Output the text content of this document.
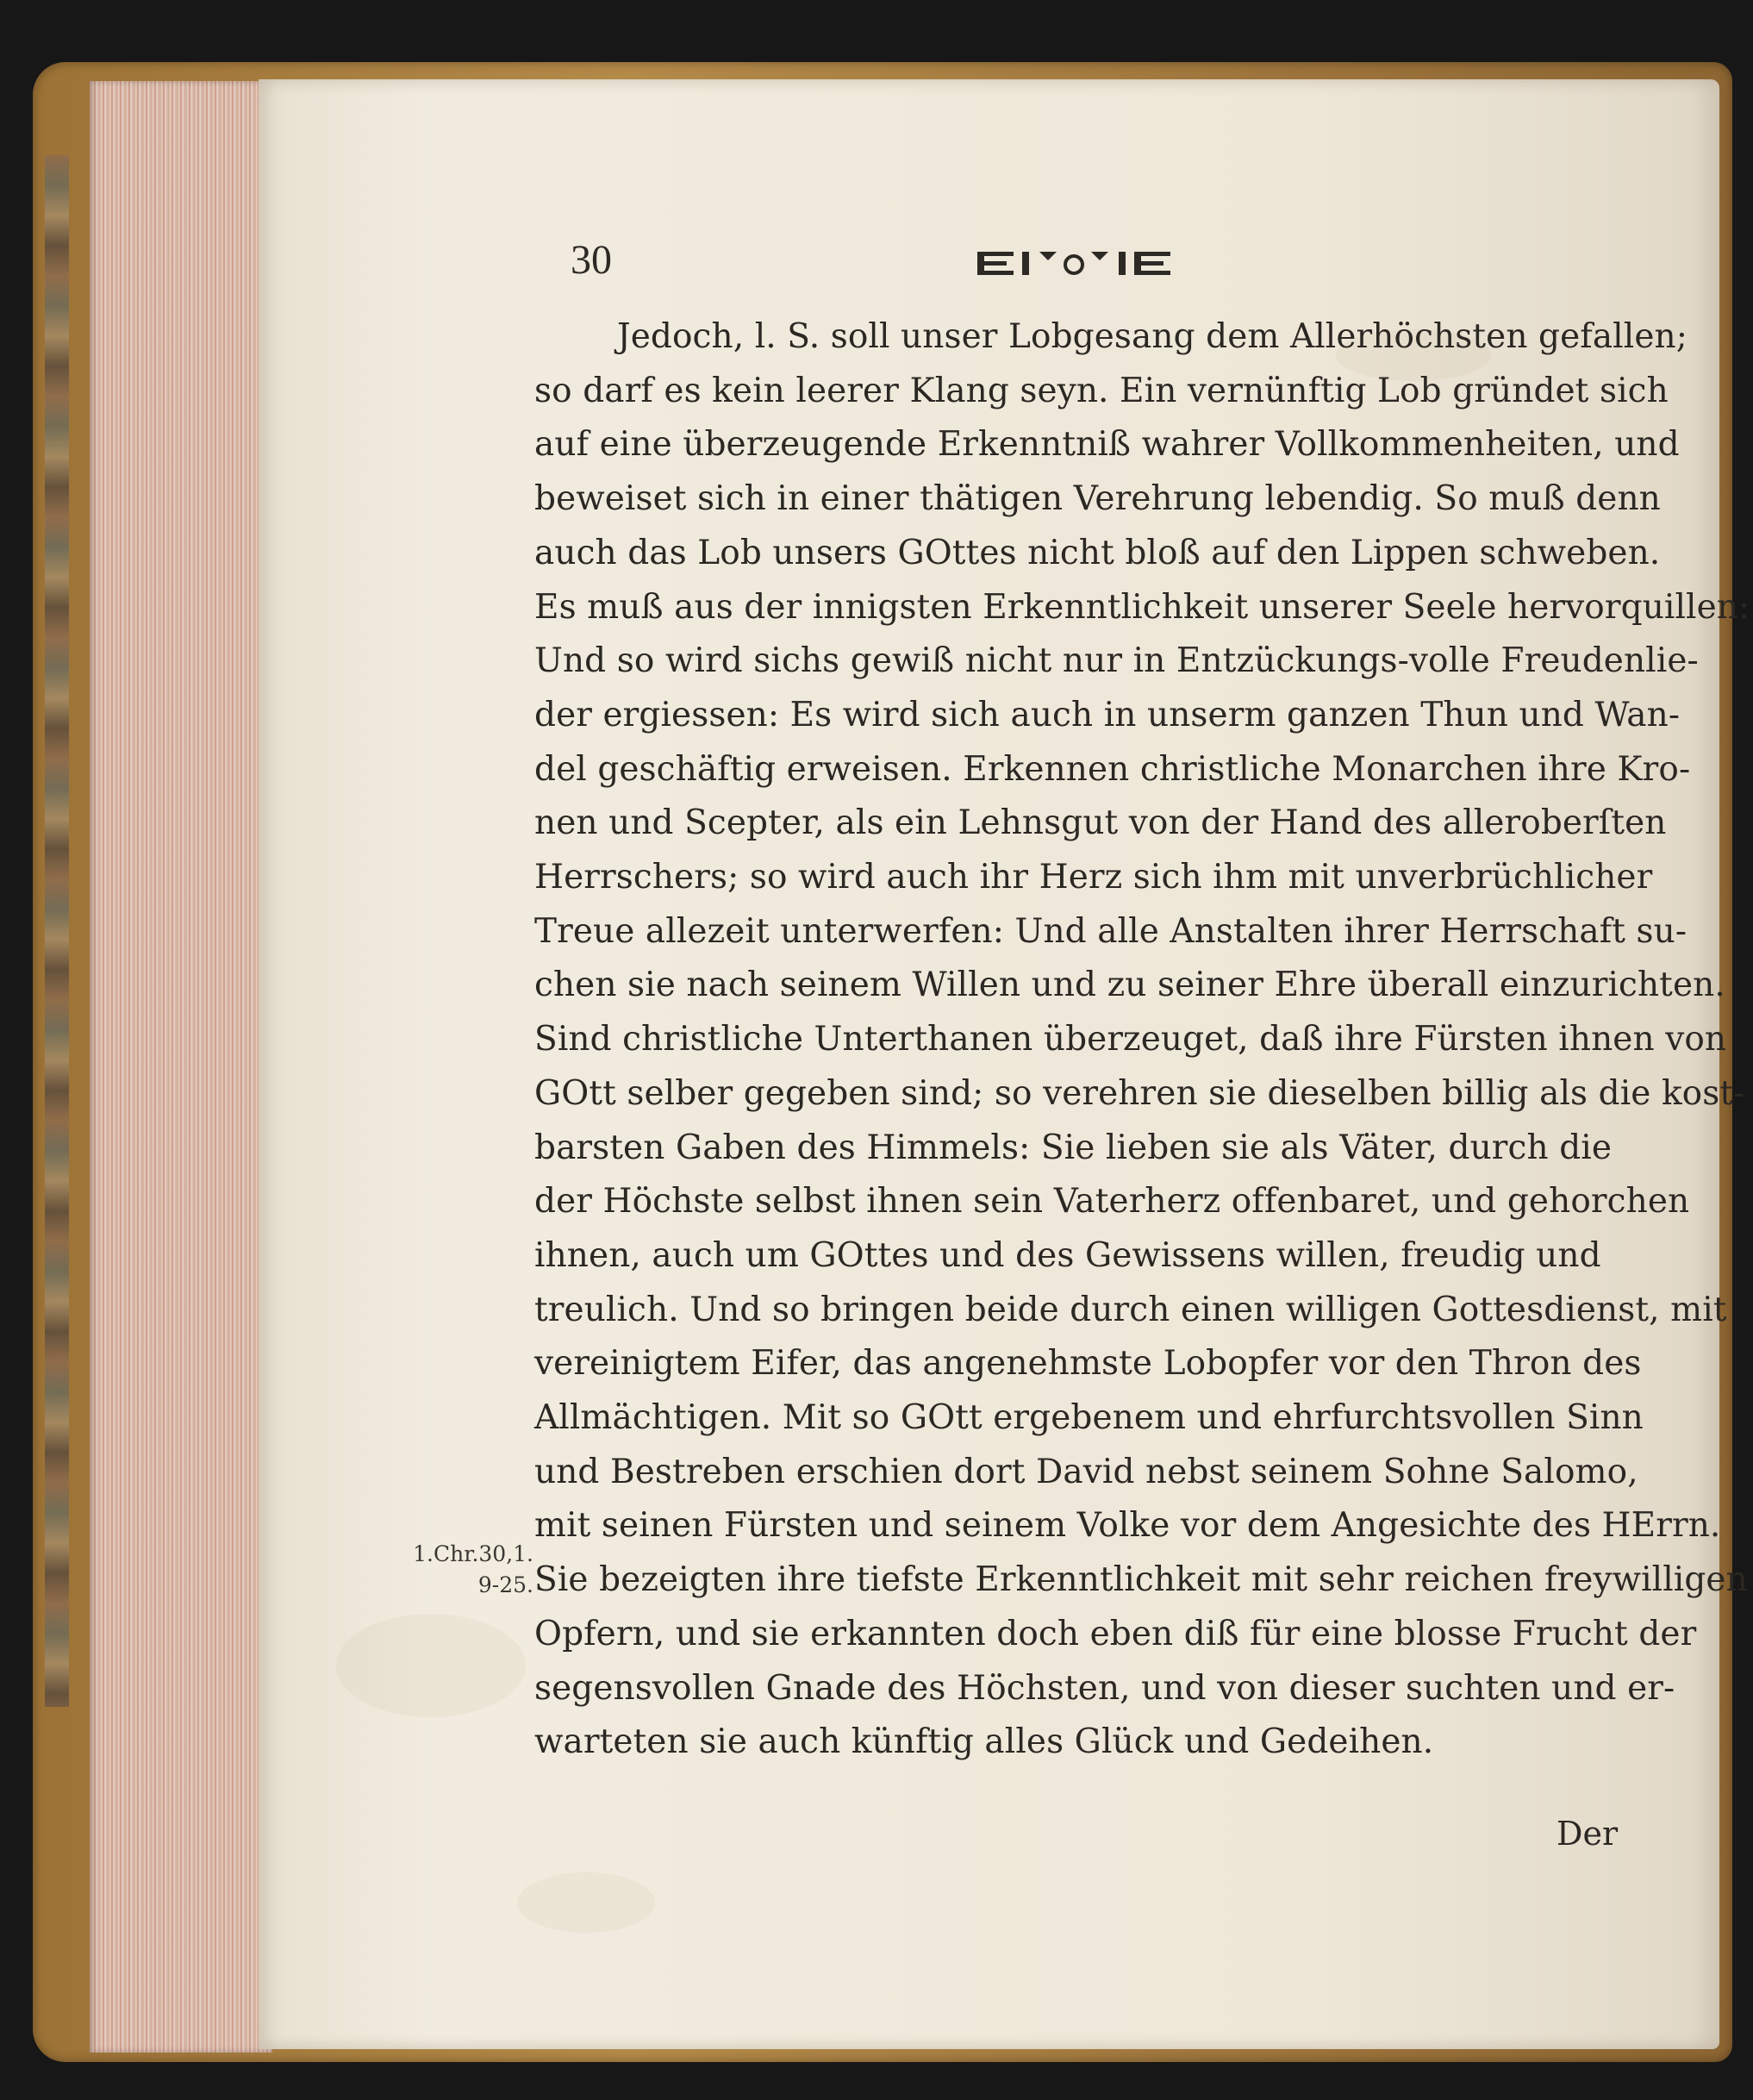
30
Jedoch, l. S. soll unser Lobgesang dem Allerhöchsten gefallen;
so darf es kein leerer Klang seyn. Ein vernünftig Lob gründet sich
auf eine überzeugende Erkenntniß wahrer Vollkommenheiten, und
beweiset sich in einer thätigen Verehrung lebendig. So muß denn
auch das Lob unsers GOttes nicht bloß auf den Lippen schweben.
Es muß aus der innigsten Erkenntlichkeit unserer Seele hervorquillen:
Und so wird sichs gewiß nicht nur in Entzückungs-volle Freudenlie-
der ergiessen: Es wird sich auch in unserm ganzen Thun und Wan-
del geschäftig erweisen. Erkennen christliche Monarchen ihre Kro-
nen und Scepter, als ein Lehnsgut von der Hand des alleroberſten
Herrschers; so wird auch ihr Herz sich ihm mit unverbrüchlicher
Treue allezeit unterwerfen: Und alle Anstalten ihrer Herrschaft su-
chen sie nach seinem Willen und zu seiner Ehre überall einzurichten.
Sind christliche Unterthanen überzeuget, daß ihre Fürsten ihnen von
GOtt selber gegeben sind; so verehren sie dieselben billig als die kost-
barsten Gaben des Himmels: Sie lieben sie als Väter, durch die
der Höchste selbst ihnen sein Vaterherz offenbaret, und gehorchen
ihnen, auch um GOttes und des Gewissens willen, freudig und
treulich. Und so bringen beide durch einen willigen Gottesdienst, mit
vereinigtem Eifer, das angenehmste Lobopfer vor den Thron des
Allmächtigen. Mit so GOtt ergebenem und ehrfurchtsvollen Sinn
und Bestreben erschien dort David nebst seinem Sohne Salomo,
mit seinen Fürsten und seinem Volke vor dem Angesichte des HErrn.
Sie bezeigten ihre tiefste Erkenntlichkeit mit sehr reichen freywilligen
Opfern, und sie erkannten doch eben diß für eine blosse Frucht der
segensvollen Gnade des Höchsten, und von dieser suchten und er-
warteten sie auch künftig alles Glück und Gedeihen.
1.Chr.30,1.
9-25.
Der
